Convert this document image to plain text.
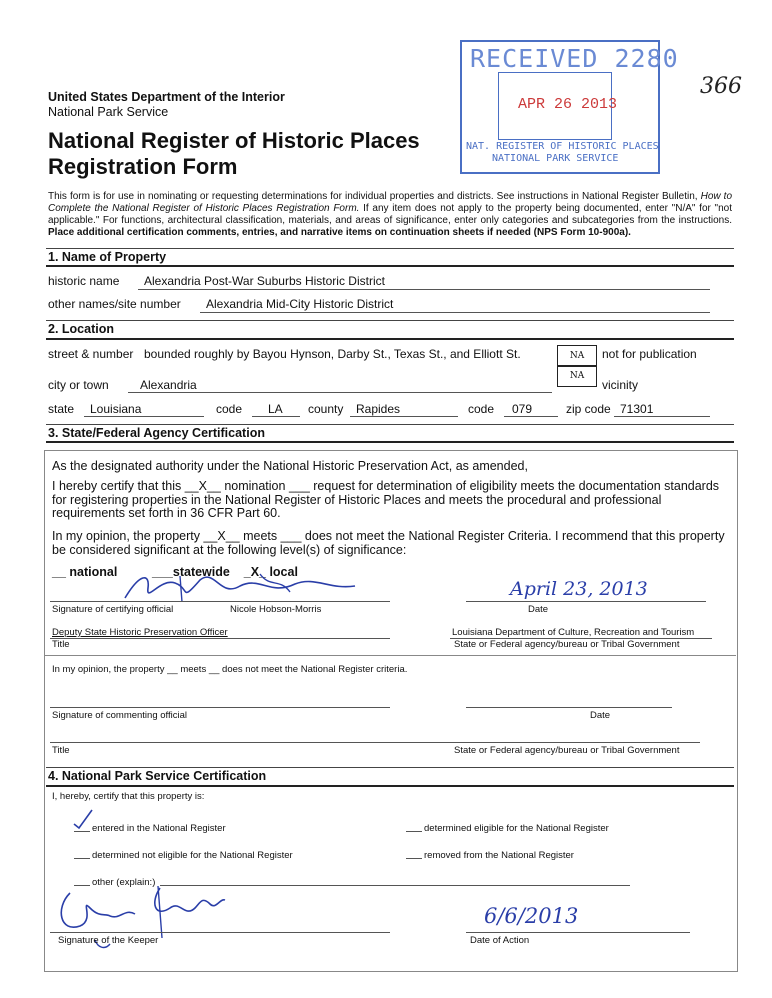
RECEIVED 2280
APR 26 2013
NAT. REGISTER OF HISTORIC PLACES
NATIONAL PARK SERVICE
366
United States Department of the Interior
National Park Service
National Register of Historic Places
Registration Form
This form is for use in nominating or requesting determinations for individual properties and districts. See instructions in National Register Bulletin, How to Complete the National Register of Historic Places Registration Form. If any item does not apply to the property being documented, enter "N/A" for "not applicable." For functions, architectural classification, materials, and areas of significance, enter only categories and subcategories from the instructions. Place additional certification comments, entries, and narrative items on continuation sheets if needed (NPS Form 10-900a).
1. Name of Property
historic name Alexandria Post-War Suburbs Historic District
other names/site number Alexandria Mid-City Historic District
2. Location
street & number bounded roughly by Bayou Hynson, Darby St., Texas St., and Elliott St.	NA	not for publication
city or town	Alexandria
NA
vicinity
state Louisiana	code LA county Rapides	code 079	zip code 71301
3. State/Federal Agency Certification
As the designated authority under the National Historic Preservation Act, as amended,
I hereby certify that this __X__ nomination ___ request for determination of eligibility meets the documentation standards for registering properties in the National Register of Historic Places and meets the procedural and professional requirements set forth in 36 CFR Part 60.
In my opinion, the property __X__ meets ___ does not meet the National Register Criteria. I recommend that this property be considered significant at the following level(s) of significance:
__ national          ___statewide    _X_ local
Signature of certifying official	Nicole Hobson-Morris
April 23, 2013
Date
Deputy State Historic Preservation Officer
Title
Louisiana Department of Culture, Recreation and Tourism
State or Federal agency/bureau or Tribal Government
In my opinion, the property __ meets __ does not meet the National Register criteria.
Signature of commenting official	Date
Title	State or Federal agency/bureau or Tribal Government
4. National Park Service Certification
I, hereby, certify that this property is:
entered in the National Register	determined eligible for the National Register
determined not eligible for the National Register	removed from the National Register
other (explain:)
Signature of the Keeper
6/6/2013
Date of Action
